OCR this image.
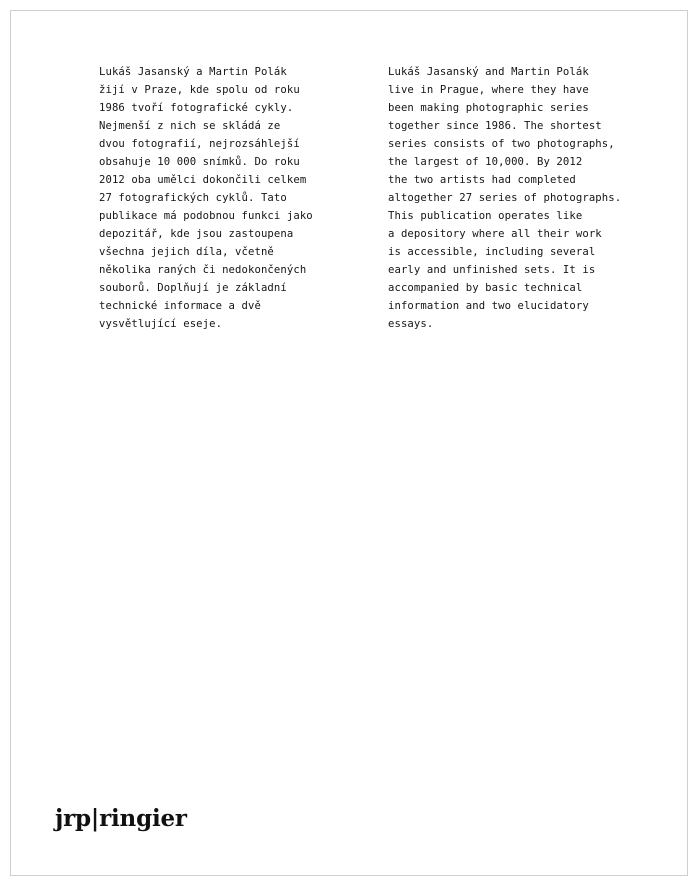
Lukáš Jasanský a Martin Polák
žijí v Praze, kde spolu od roku
1986 tvoří fotografické cykly.
Nejmenší z nich se skládá ze
dvou fotografií, nejrozsáhlejší
obsahuje 10 000 snímků. Do roku
2012 oba umělci dokončili celkem
27 fotografických cyklů. Tato
publikace má podobnou funkci jako
depozitář, kde jsou zastoupena
všechna jejich díla, včetně
několika raných či nedokončených
souborů. Doplňují je základní
technické informace a dvě
vysvětlující eseje.

Lukáš Jasanský and Martin Polák
live in Prague, where they have
been making photographic series
together since 1986. The shortest
series consists of two photographs,
the largest of 10,000. By 2012
the two artists had completed
altogether 27 series of photographs.
This publication operates like
a depository where all their work
is accessible, including several
early and unfinished sets. It is
accompanied by basic technical
information and two elucidatory
essays.

jrp|ringier
